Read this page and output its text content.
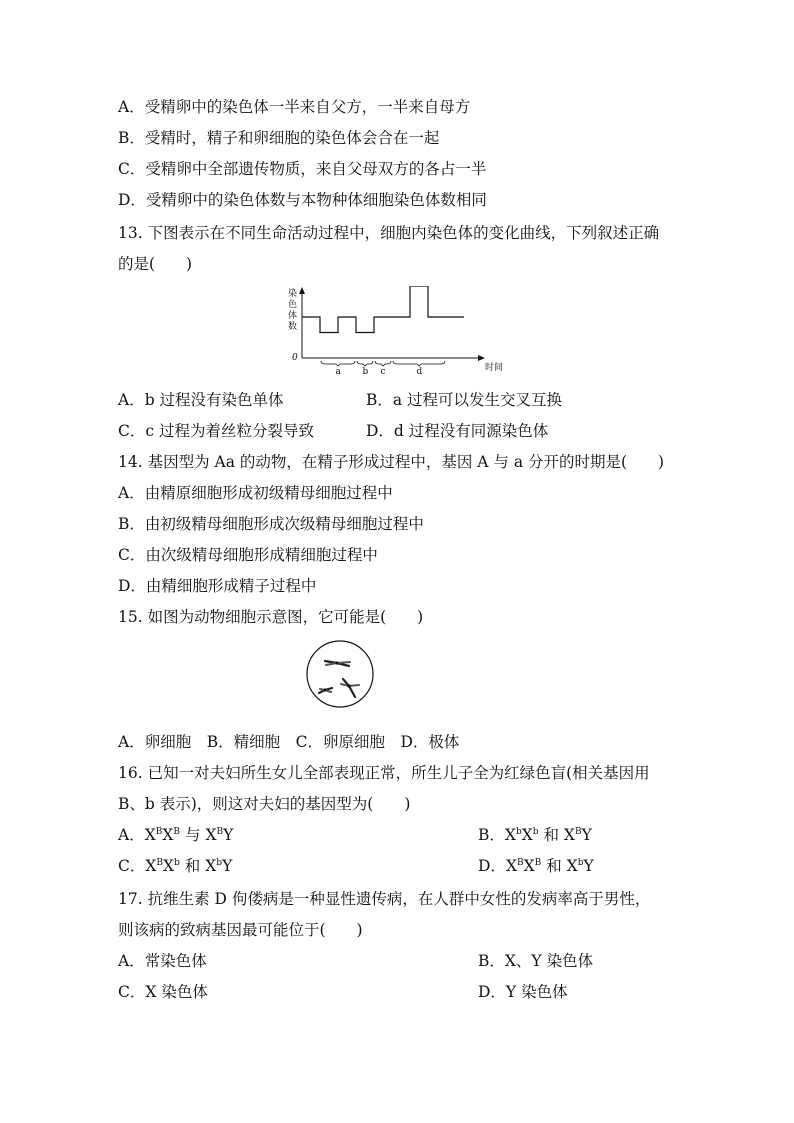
A．受精卵中的染色体一半来自父方，一半来自母方
B．受精时，精子和卵细胞的染色体会合在一起
C．受精卵中全部遗传物质，来自父母双方的各占一半
D．受精卵中的染色体数与本物种体细胞染色体数相同
13. 下图表示在不同生命活动过程中，细胞内染色体的变化曲线，下列叙述正确
的是(　　)
染
色
体
数
0
时间
a b c	d
A．b 过程没有染色单体	B．a 过程可以发生交叉互换
C．c 过程为着丝粒分裂导致	D．d 过程没有同源染色体
14. 基因型为 Aa 的动物，在精子形成过程中，基因 A 与 a 分开的时期是(　　)
A．由精原细胞形成初级精母细胞过程中
B．由初级精母细胞形成次级精母细胞过程中
C．由次级精母细胞形成精细胞过程中
D．由精细胞形成精子过程中
15. 如图为动物细胞示意图，它可能是(　　)
A．卵细胞　B．精细胞　C．卵原细胞　D．极体
16. 已知一对夫妇所生女儿全部表现正常，所生儿子全为红绿色盲(相关基因用
B、b 表示)，则这对夫妇的基因型为(　　)
A．$X^BX^B$ 与 $X^BY$	B．$X^bX^b$ 和 $X^BY$
C．$X^BX^b$ 和 $X^bY$	D．$X^BX^B$ 和 $X^bY$
17. 抗维生素 D 佝偻病是一种显性遗传病，在人群中女性的发病率高于男性，
则该病的致病基因最可能位于(　　)
A．常染色体	B．X、Y 染色体
C．X 染色体	D．Y 染色体
